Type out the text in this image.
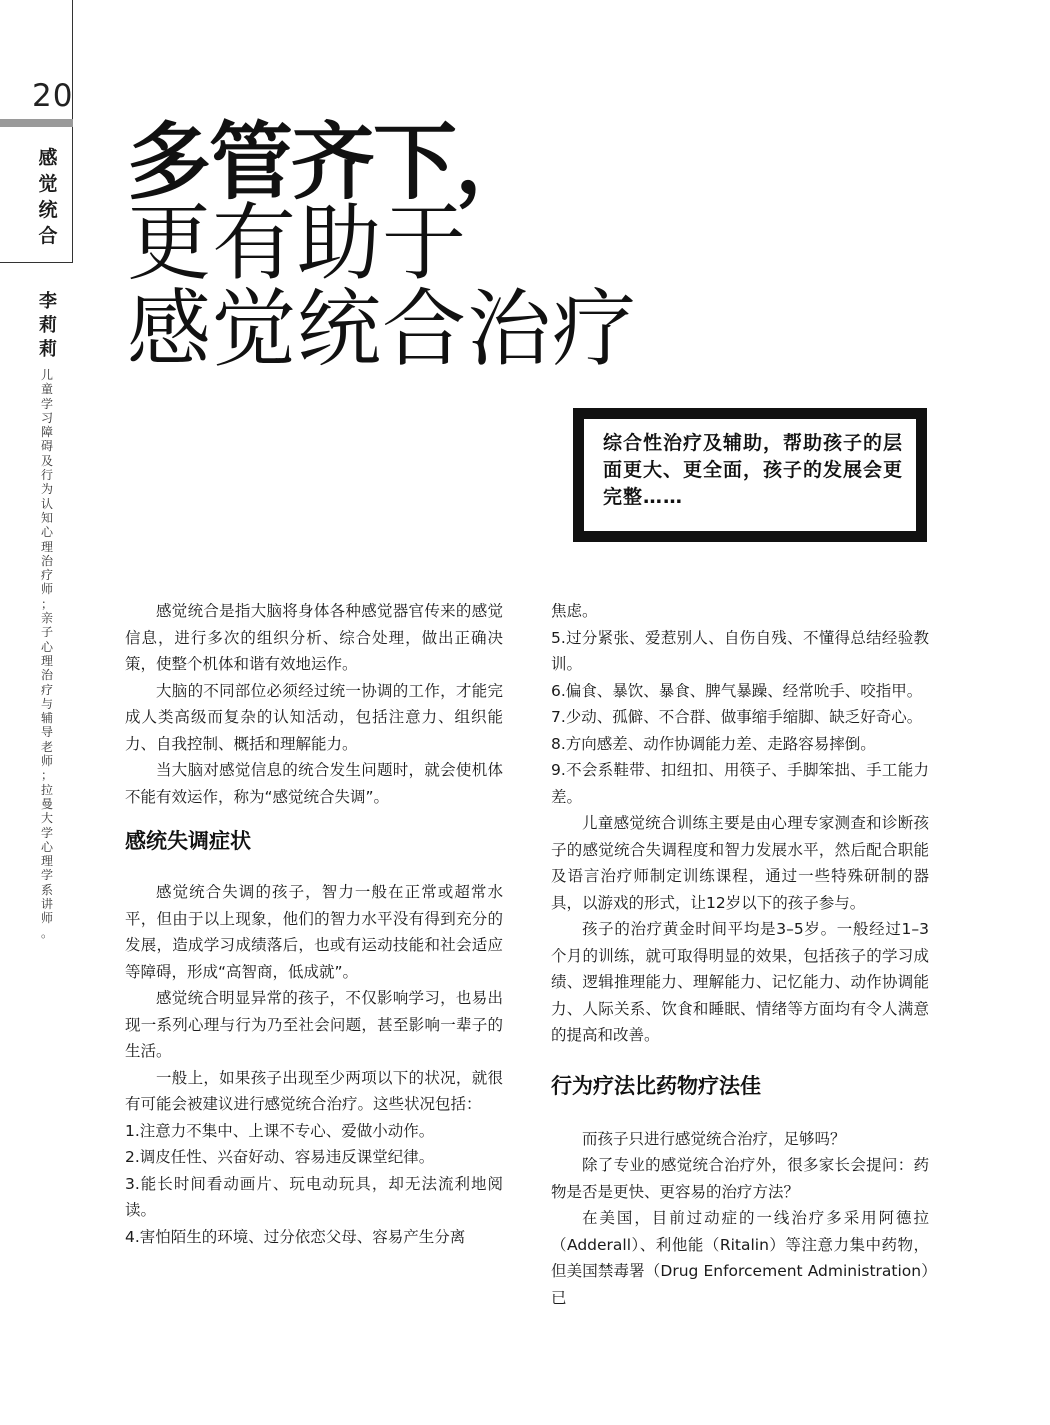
20
感
觉
统
合
李
莉
莉
儿
童
学
习
障
碍
及
行
为
认
知
心
理
治
疗
师
；
亲
子
心
理
治
疗
与
辅
导
老
师
；
拉
曼
大
学
心
理
学
系
讲
师
。
多管齐下，
更有助于
感觉统合治疗
综合性治疗及辅助，帮助孩子的层面更大、更全面，孩子的发展会更完整……

感觉统合是指大脑将身体各种感觉器官传来的感觉信息，进行多次的组织分析、综合处理，做出正确决策，使整个机体和谐有效地运作。

大脑的不同部位必须经过统一协调的工作，才能完成人类高级而复杂的认知活动，包括注意力、组织能力、自我控制、概括和理解能力。

当大脑对感觉信息的统合发生问题时，就会使机体不能有效运作，称为“感觉统合失调”。

感统失调症状

感觉统合失调的孩子，智力一般在正常或超常水平，但由于以上现象，他们的智力水平没有得到充分的发展，造成学习成绩落后，也或有运动技能和社会适应等障碍，形成“高智商，低成就”。

感觉统合明显异常的孩子，不仅影响学习，也易出现一系列心理与行为乃至社会问题，甚至影响一辈子的生活。

一般上，如果孩子出现至少两项以下的状况，就很有可能会被建议进行感觉统合治疗。这些状况包括：

1.注意力不集中、上课不专心、爱做小动作。

2.调皮任性、兴奋好动、容易违反课堂纪律。

3.能长时间看动画片、玩电动玩具，却无法流利地阅读。

4.害怕陌生的环境、过分依恋父母、容易产生分离

焦虑。

5.过分紧张、爱惹别人、自伤自残、不懂得总结经验教训。

6.偏食、暴饮、暴食、脾气暴躁、经常吮手、咬指甲。

7.少动、孤僻、不合群、做事缩手缩脚、缺乏好奇心。

8.方向感差、动作协调能力差、走路容易摔倒。

9.不会系鞋带、扣纽扣、用筷子、手脚笨拙、手工能力差。

儿童感觉统合训练主要是由心理专家测查和诊断孩子的感觉统合失调程度和智力发展水平，然后配合职能及语言治疗师制定训练课程，通过一些特殊研制的器具，以游戏的形式，让12岁以下的孩子参与。

孩子的治疗黄金时间平均是3–5岁。一般经过1–3个月的训练，就可取得明显的效果，包括孩子的学习成绩、逻辑推理能力、理解能力、记忆能力、动作协调能力、人际关系、饮食和睡眠、情绪等方面均有令人满意的提高和改善。

行为疗法比药物疗法佳

而孩子只进行感觉统合治疗，足够吗？

除了专业的感觉统合治疗外，很多家长会提问：药物是否是更快、更容易的治疗方法？

在美国，目前过动症的一线治疗多采用阿德拉（Adderall）、利他能（Ritalin）等注意力集中药物，但美国禁毒署（Drug Enforcement Administration）已
